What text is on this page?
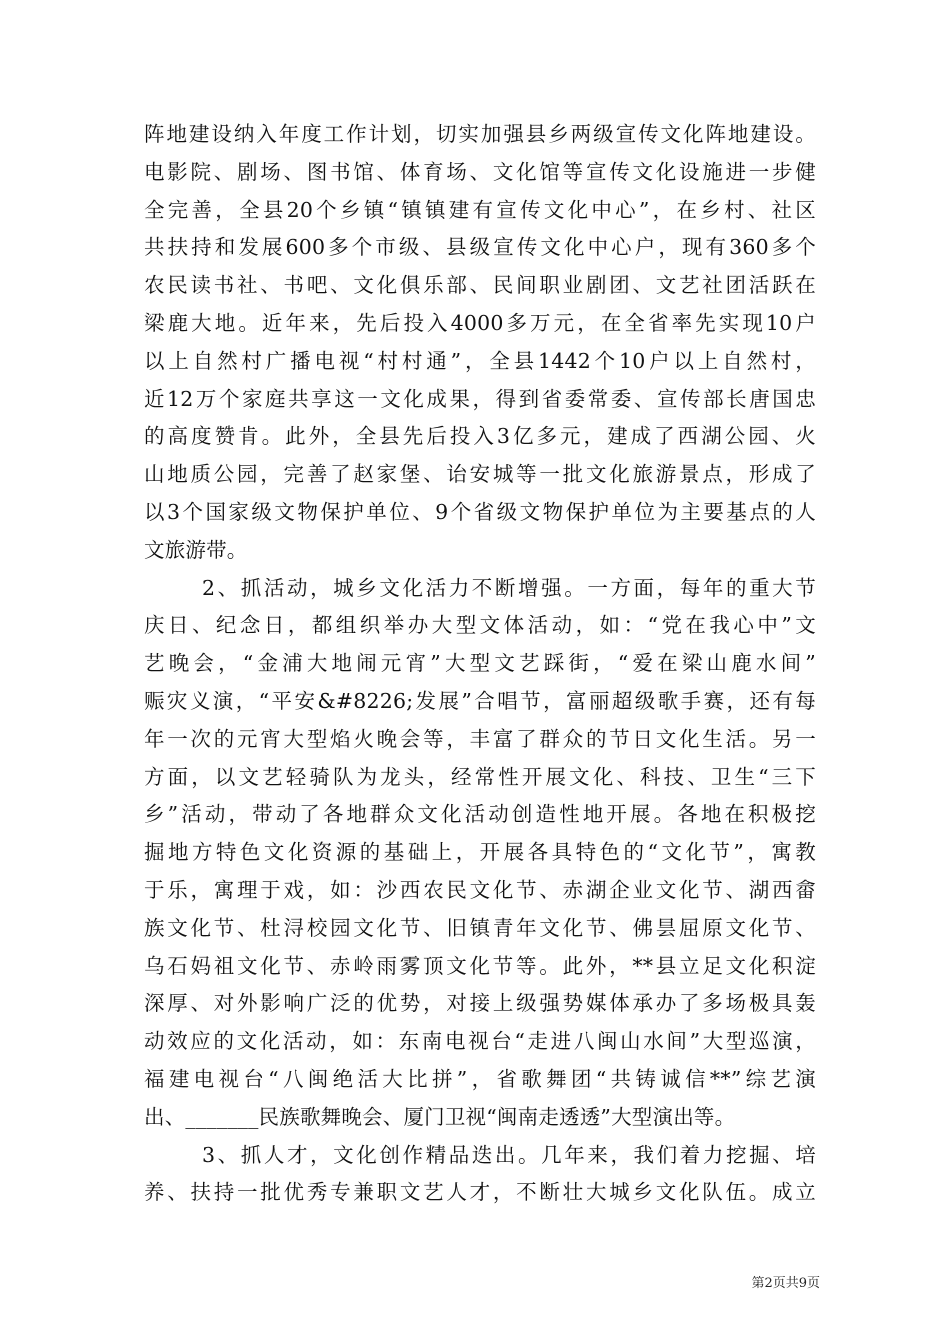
阵地建设纳入年度工作计划，切实加强县乡两级宣传文化阵地建设。
电影院、剧场、图书馆、体育场、文化馆等宣传文化设施进一步健
全完善，全县20个乡镇“镇镇建有宣传文化中心”，在乡村、社区
共扶持和发展600多个市级、县级宣传文化中心户，现有360多个
农民读书社、书吧、文化俱乐部、民间职业剧团、文艺社团活跃在
梁鹿大地。近年来，先后投入4000多万元，在全省率先实现10户
以上自然村广播电视“村村通”，全县1442个10户以上自然村，
近12万个家庭共享这一文化成果，得到省委常委、宣传部长唐国忠
的高度赞肯。此外，全县先后投入3亿多元，建成了西湖公园、火
山地质公园，完善了赵家堡、诒安城等一批文化旅游景点，形成了
以3个国家级文物保护单位、9个省级文物保护单位为主要基点的人
文旅游带。
2、抓活动，城乡文化活力不断增强。一方面，每年的重大节
庆日、纪念日，都组织举办大型文体活动，如：“党在我心中”文
艺晚会，“金浦大地闹元宵”大型文艺踩街，“爱在梁山鹿水间”
赈灾义演，“平安&#8226;发展”合唱节，富丽超级歌手赛，还有每
年一次的元宵大型焰火晚会等，丰富了群众的节日文化生活。另一
方面，以文艺轻骑队为龙头，经常性开展文化、科技、卫生“三下
乡”活动，带动了各地群众文化活动创造性地开展。各地在积极挖
掘地方特色文化资源的基础上，开展各具特色的“文化节”，寓教
于乐，寓理于戏，如：沙西农民文化节、赤湖企业文化节、湖西畲
族文化节、杜浔校园文化节、旧镇青年文化节、佛昙屈原文化节、
乌石妈祖文化节、赤岭雨雾顶文化节等。此外，**县立足文化积淀
深厚、对外影响广泛的优势，对接上级强势媒体承办了多场极具轰
动效应的文化活动，如：东南电视台“走进八闽山水间”大型巡演，
福建电视台“八闽绝活大比拼”，省歌舞团“共铸诚信**”综艺演
出、_______民族歌舞晚会、厦门卫视“闽南走透透”大型演出等。
3、抓人才，文化创作精品迭出。几年来，我们着力挖掘、培
养、扶持一批优秀专兼职文艺人才，不断壮大城乡文化队伍。成立
第2页共9页
